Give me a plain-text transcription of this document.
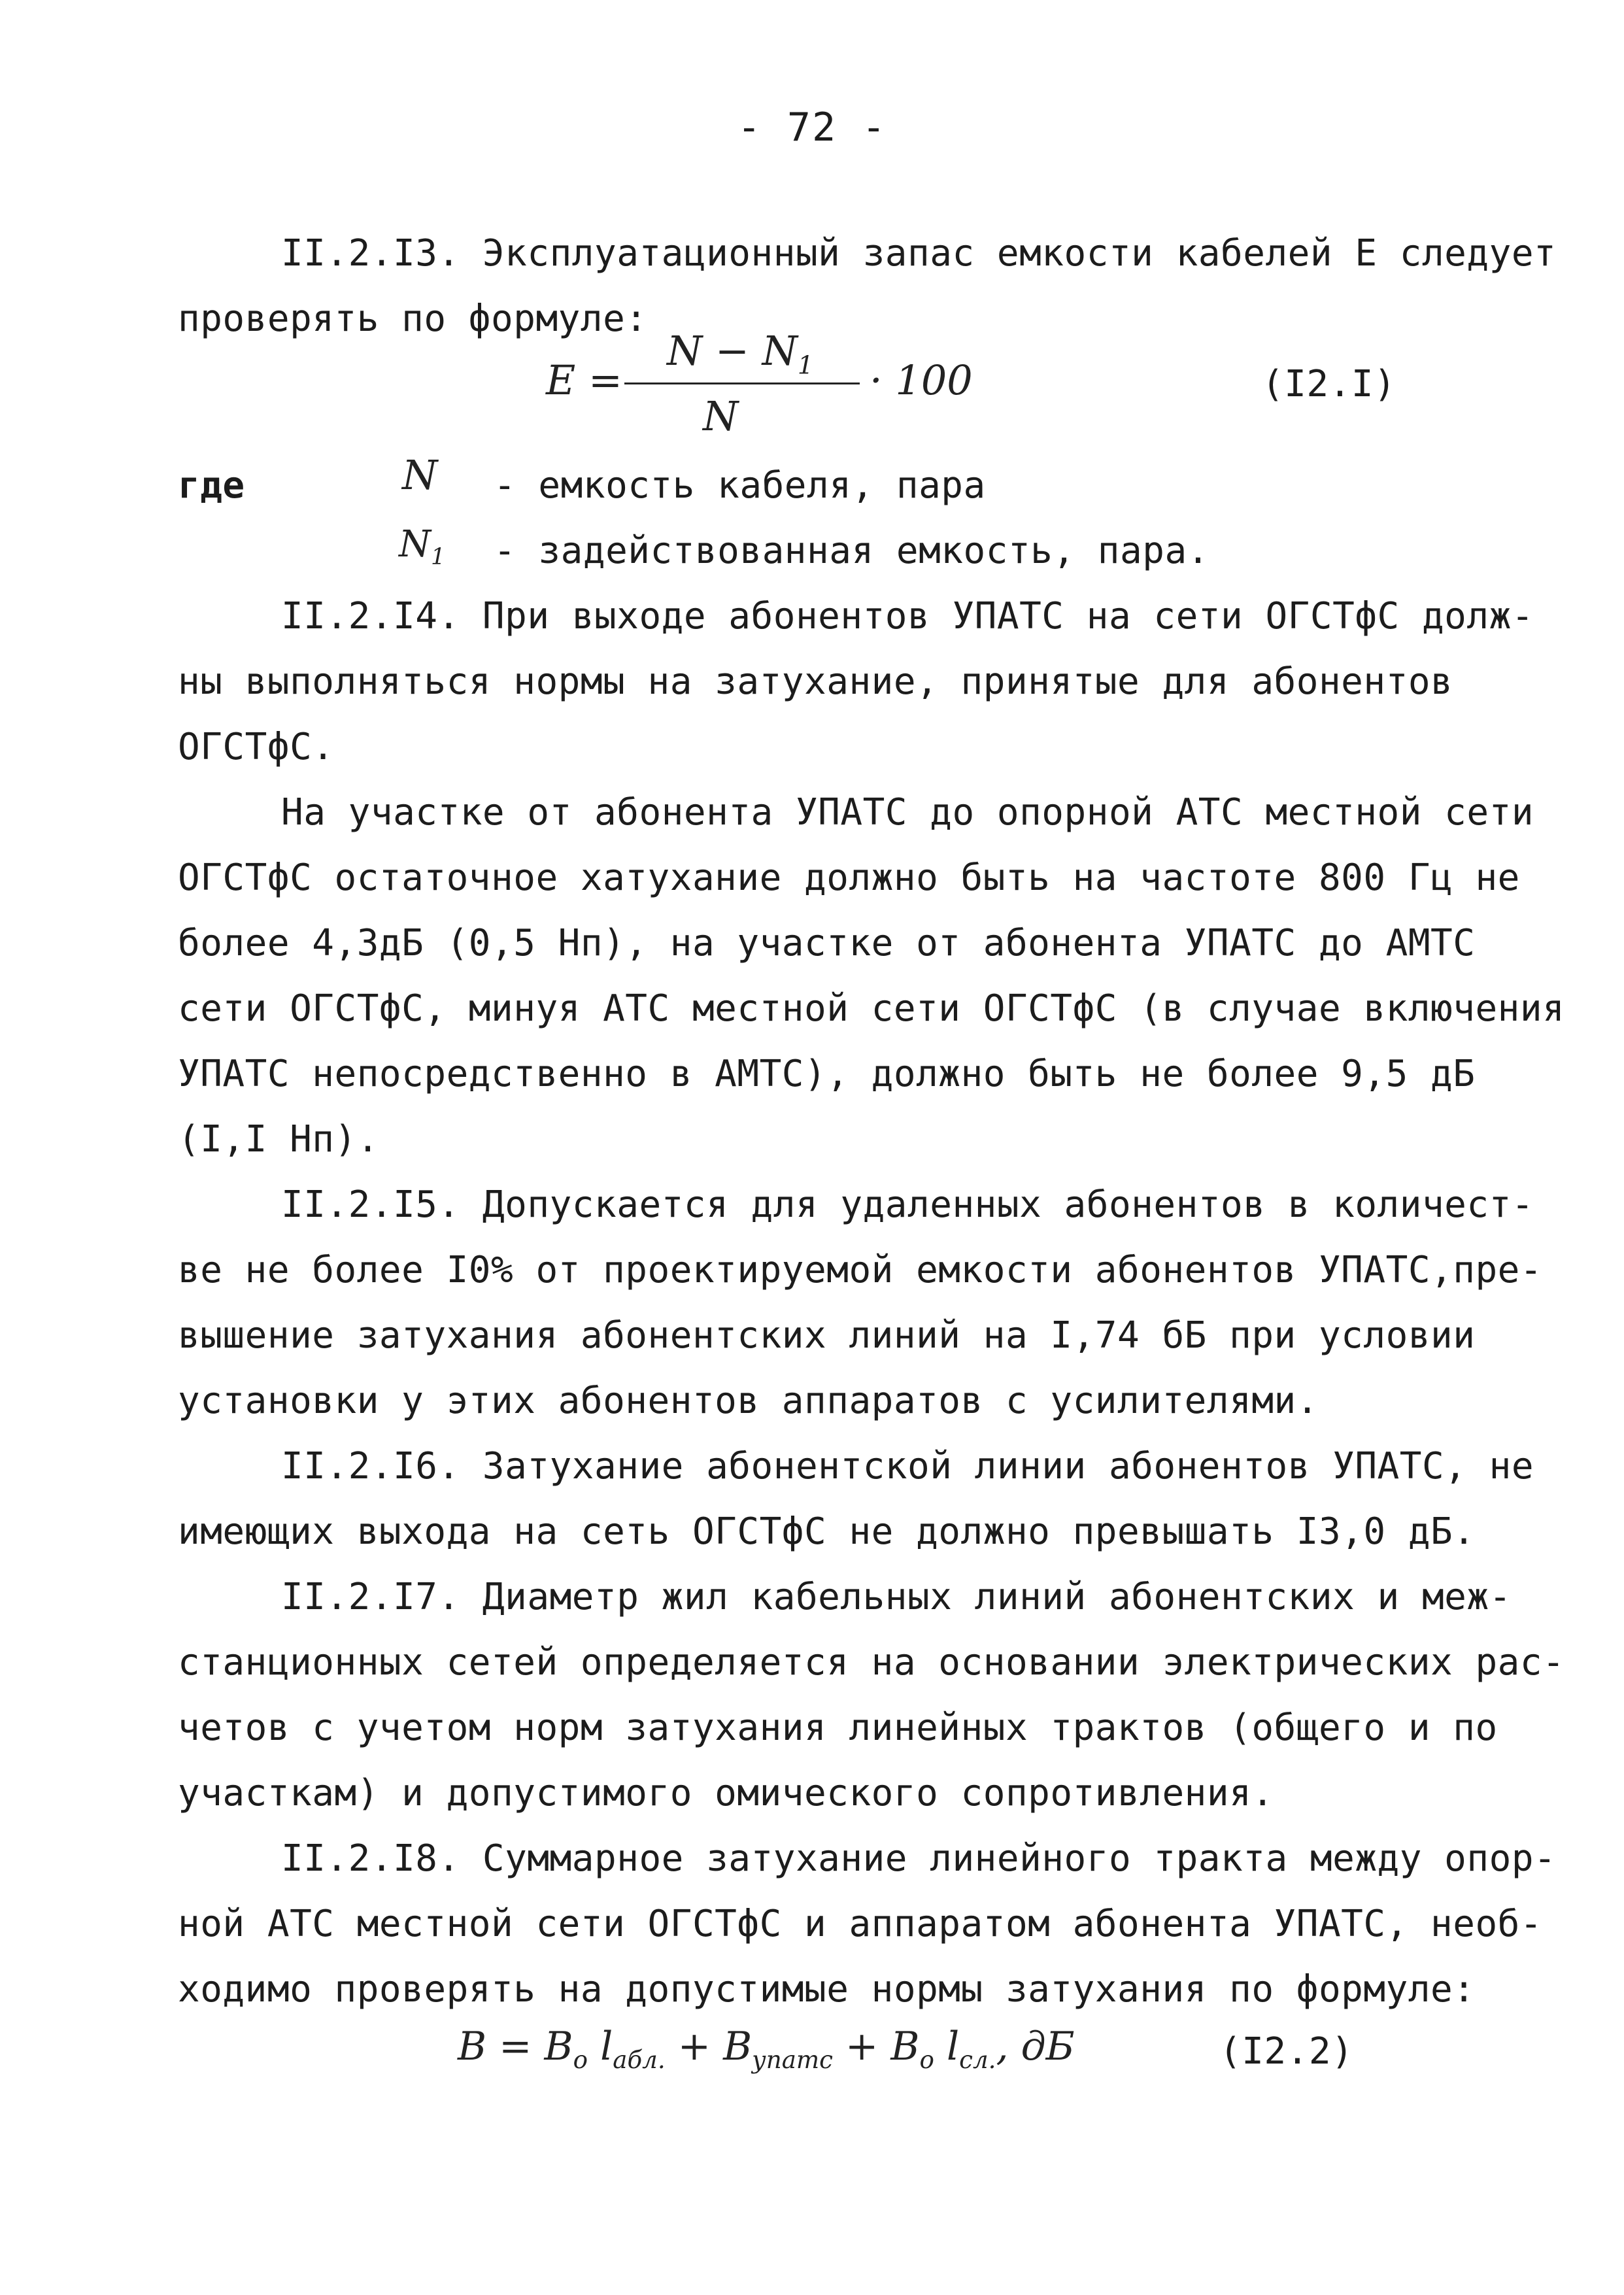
- 72 -
II.2.I3. Эксплуатационный запас емкости кабелей Е следует
проверять по формуле:
E =
$N - N_1$
N
· 100	(I2.I)
где	N - емкость кабеля, пара
$N_1$ - задействованная емкость, пара.
II.2.I4. При выходе абонентов УПАТС на сети ОГСТфС долж-
ны выполняться нормы на затухание, принятые для абонентов
ОГСТфС.
На участке от абонента УПАТС до опорной АТС местной сети
ОГСТфС остаточное хатухание должно быть на частоте 800 Гц не
более 4,3дБ (0,5 Нп), на участке от абонента УПАТС до АМТС
сети ОГСТфС, минуя АТС местной сети ОГСТфС (в случае включения
УПАТС непосредственно в АМТС), должно быть не более 9,5 дБ
(I,I Нп).
II.2.I5. Допускается для удаленных абонентов в количест-
ве не более I0% от проектируемой емкости абонентов УПАТС,пре-
вышение затухания абонентских линий на I,74 бБ при условии
установки у этих абонентов аппаратов с усилителями.
II.2.I6. Затухание абонентской линии абонентов УПАТС, не
имеющих выхода на сеть ОГСТфС не должно превышать I3,0 дБ.
II.2.I7. Диаметр жил кабельных линий абонентских и меж-
станционных сетей определяется на основании электрических рас-
четов с учетом норм затухания линейных трактов (общего и по
участкам) и допустимого омического сопротивления.
II.2.I8. Суммарное затухание линейного тракта между опор-
ной АТС местной сети ОГСТфС и аппаратом абонента УПАТС, необ-
ходимо проверять на допустимые нормы затухания по формуле:
$B = B_o$ $l_{абл.} + B_{упатс} + B_o$ $l_{сл.}$, дБ	(I2.2)
